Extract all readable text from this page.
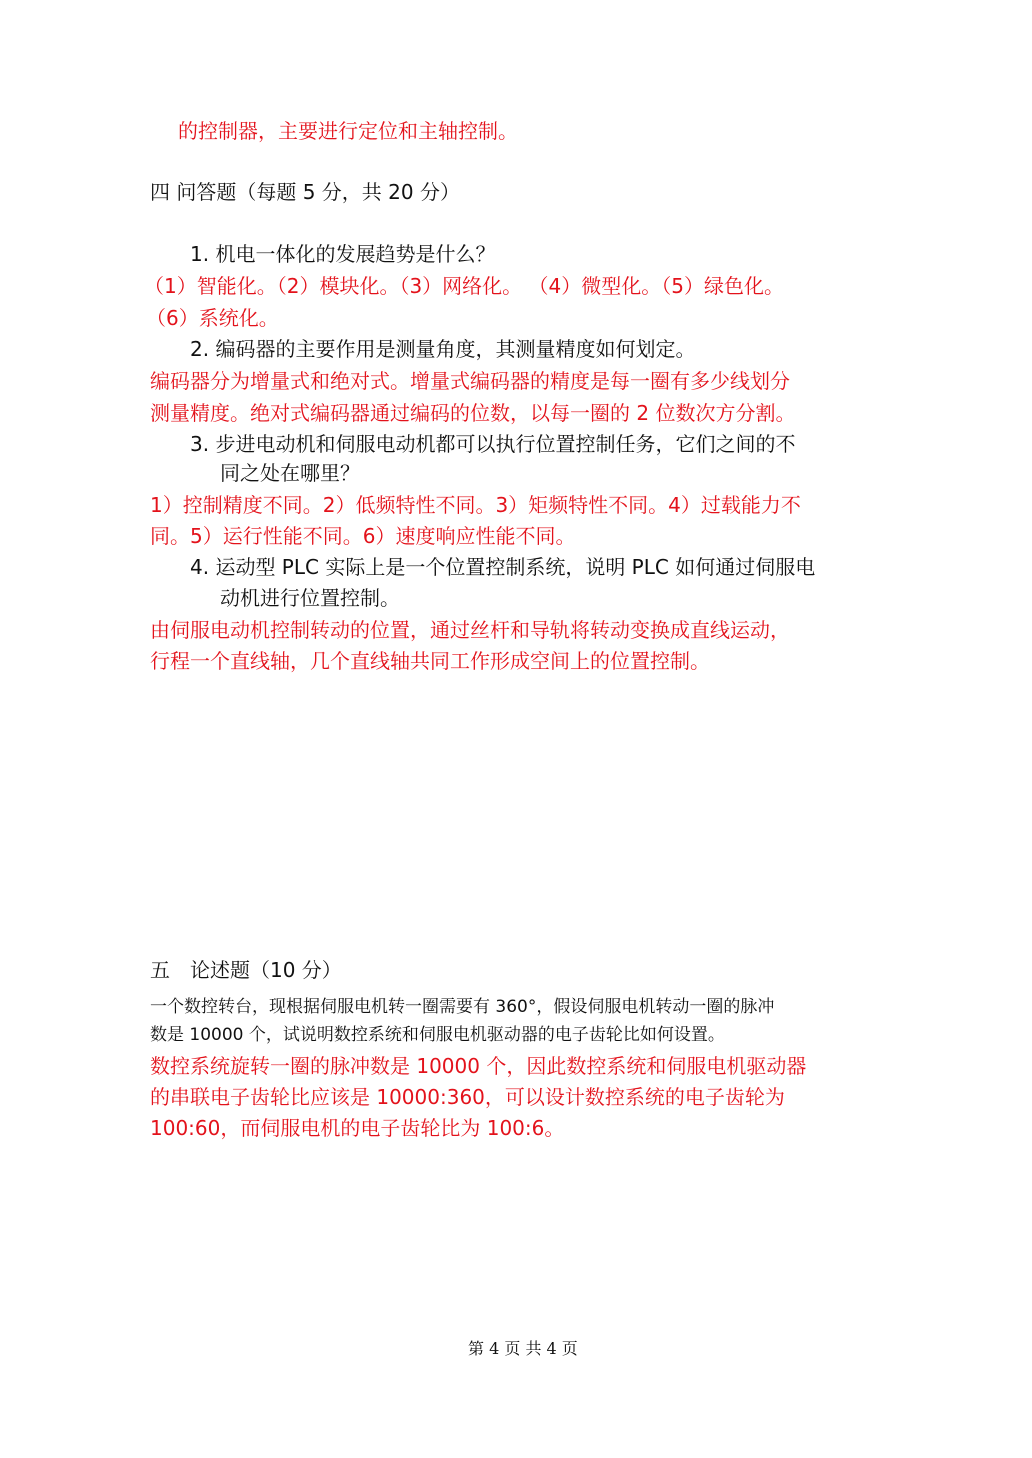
的控制器，主要进行定位和主轴控制。
四 问答题（每题 5 分，共 20 分）
1. 机电一体化的发展趋势是什么？
（1）智能化。（2）模块化。（3）网络化。 （4）微型化。（5）绿色化。
（6）系统化。
2. 编码器的主要作用是测量角度，其测量精度如何划定。
编码器分为增量式和绝对式。增量式编码器的精度是每一圈有多少线划分
测量精度。绝对式编码器通过编码的位数，以每一圈的 2 位数次方分割。
3. 步进电动机和伺服电动机都可以执行位置控制任务，它们之间的不
同之处在哪里？
1）控制精度不同。2）低频特性不同。3）矩频特性不同。4）过载能力不
同。5）运行性能不同。6）速度响应性能不同。
4. 运动型 PLC 实际上是一个位置控制系统，说明 PLC 如何通过伺服电
动机进行位置控制。
由伺服电动机控制转动的位置，通过丝杆和导轨将转动变换成直线运动，
行程一个直线轴，几个直线轴共同工作形成空间上的位置控制。
五　论述题（10 分）
一个数控转台，现根据伺服电机转一圈需要有 360°，假设伺服电机转动一圈的脉冲
数是 10000 个，试说明数控系统和伺服电机驱动器的电子齿轮比如何设置。
数控系统旋转一圈的脉冲数是 10000 个，因此数控系统和伺服电机驱动器
的串联电子齿轮比应该是 10000:360，可以设计数控系统的电子齿轮为
100:60，而伺服电机的电子齿轮比为 100:6。
第 4 页 共 4 页
